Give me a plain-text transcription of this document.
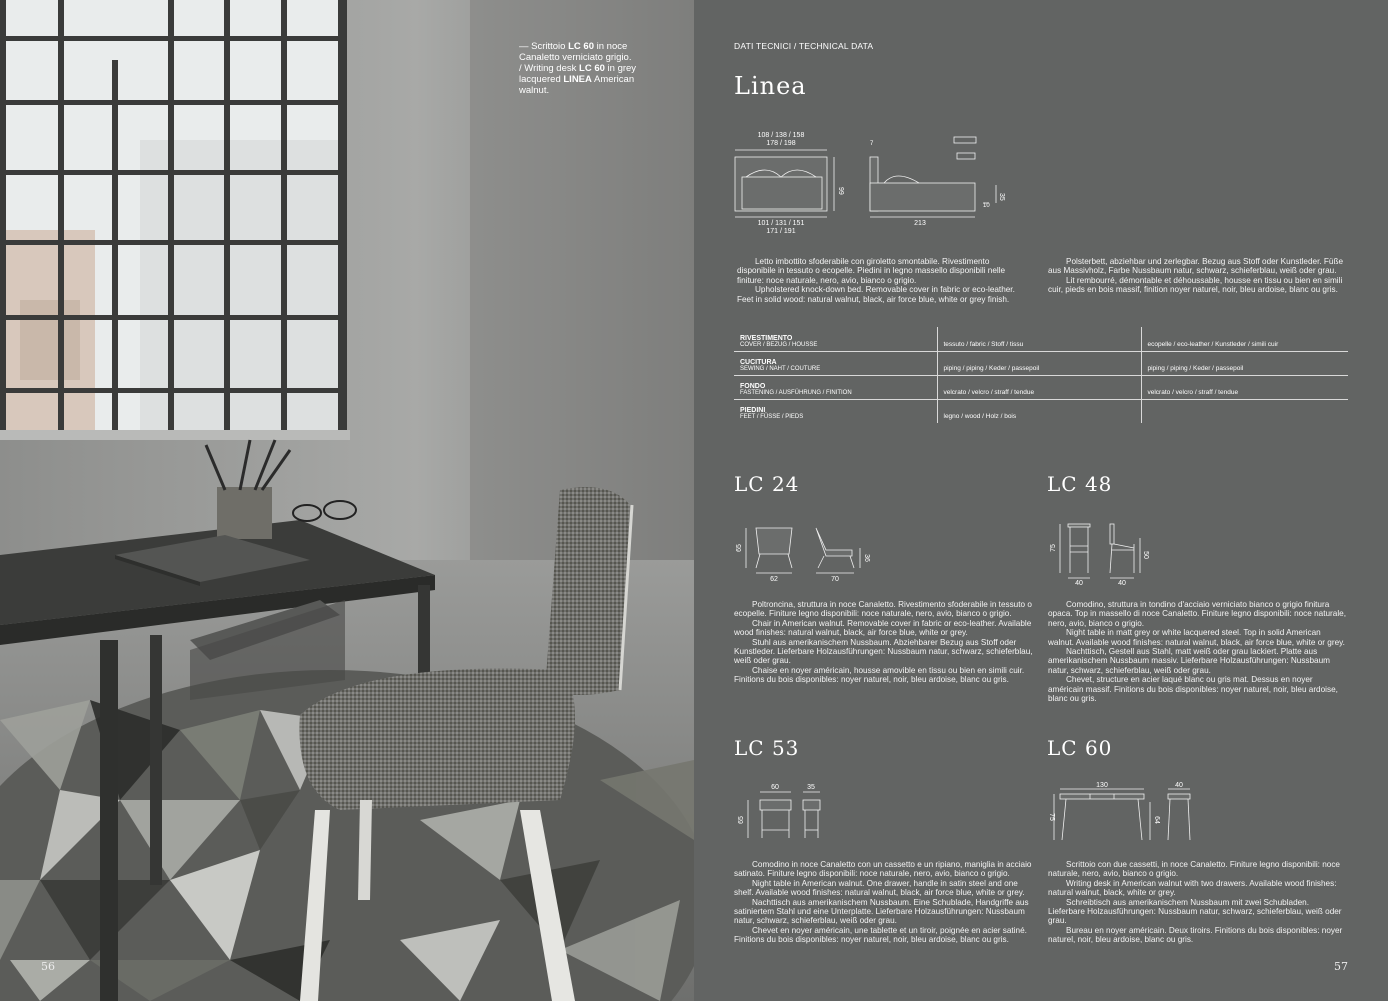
— Scrittoio LC 60 in noce
Canaletto verniciato grigio.
/ Writing desk LC 60 in grey
lacquered LINEA American
walnut.
56
DATI TECNICI / TECHNICAL DATA
Linea
108 / 138 / 158
178 / 198
101 / 131 / 151
171 / 191
99
213
35
10
7

Letto imbottito sfoderabile con giroletto smontabile. Rivestimento disponibile in tessuto o ecopelle. Piedini in legno massello disponibili nelle finiture: noce naturale, nero, avio, bianco o grigio.

Upholstered knock-down bed. Removable cover in fabric or eco-leather. Feet in solid wood: natural walnut, black, air force blue, white or grey finish.

Polsterbett, abziehbar und zerlegbar. Bezug aus Stoff oder Kunstleder. Füße aus Massivholz, Farbe Nussbaum natur, schwarz, schieferblau, weiß oder grau.

Lit rembourré, démontable et déhoussable, housse en tissu ou bien en simili cuir, pieds en bois massif, finition noyer naturel, noir, bleu ardoise, blanc ou gris.

RIVESTIMENTO
COVER / BEZUG / HOUSSE	tessuto / fabric / Stoff / tissu	ecopelle / eco-leather / Kunstleder / simili cuir

CUCITURA
SEWING / NAHT / COUTURE	piping / piping / Keder / passepoil	piping / piping / Keder / passepoil

FONDO
FASTENING / AUSFÜHRUNG / FINITION	velcrato / velcro / straff / tendue	velcrato / velcro / straff / tendue

PIEDINI
FEET / FÜSSE / PIEDS	legno / wood / Holz / bois	
LC 24
65
62	70
36

Poltroncina, struttura in noce Canaletto. Rivestimento sfoderabile in tessuto o ecopelle. Finiture legno disponibili: noce naturale, nero, avio, bianco o grigio.

Chair in American walnut. Removable cover in fabric or eco-leather. Available wood finishes: natural walnut, black, air force blue, white or grey.

Stuhl aus amerikanischem Nussbaum. Abziehbarer Bezug aus Stoff oder Kunstleder. Lieferbare Holzausführungen: Nussbaum natur, schwarz, schieferblau, weiß oder grau.

Chaise en noyer américain, housse amovible en tissu ou bien en simili cuir. Finitions du bois disponibles: noyer naturel, noir, bleu ardoise, blanc ou gris.

LC 48
75
40	40
50

Comodino, struttura in tondino d'acciaio verniciato bianco o grigio finitura opaca. Top in massello di noce Canaletto. Finiture legno disponibili: noce naturale, nero, avio, bianco o grigio.

Night table in matt grey or white lacquered steel. Top in solid American walnut. Available wood finishes: natural walnut, black, air force blue, white or grey.

Nachttisch, Gestell aus Stahl, matt weiß oder grau lackiert. Platte aus amerikanischem Nussbaum massiv. Lieferbare Holzausführungen: Nussbaum natur, schwarz, schieferblau, weiß oder grau.

Chevet, structure en acier laqué blanc ou gris mat. Dessus en noyer américain massif. Finitions du bois disponibles: noyer naturel, noir, bleu ardoise, blanc ou gris.

LC 53
60	35
65

Comodino in noce Canaletto con un cassetto e un ripiano, maniglia in acciaio satinato. Finiture legno disponibili: noce naturale, nero, avio, bianco o grigio.

Night table in American walnut. One drawer, handle in satin steel and one shelf. Available wood finishes: natural walnut, black, air force blue, white or grey.

Nachttisch aus amerikanischem Nussbaum. Eine Schublade, Handgriffe aus satiniertem Stahl und eine Unterplatte. Lieferbare Holzausführungen: Nussbaum natur, schwarz, schieferblau, weiß oder grau.

Chevet en noyer américain, une tablette et un tiroir, poignée en acier satiné. Finitions du bois disponibles: noyer naturel, noir, bleu ardoise, blanc ou gris.

LC 60
130	40
75	64

Scrittoio con due cassetti, in noce Canaletto. Finiture legno disponibili: noce naturale, nero, avio, bianco o grigio.

Writing desk in American walnut with two drawers. Available wood finishes: natural walnut, black, white or grey.

Schreibtisch aus amerikanischem Nussbaum mit zwei Schubladen. Lieferbare Holzausführungen: Nussbaum natur, schwarz, schieferblau, weiß oder grau.

Bureau en noyer américain. Deux tiroirs. Finitions du bois disponibles: noyer naturel, noir, bleu ardoise, blanc ou gris.

57
